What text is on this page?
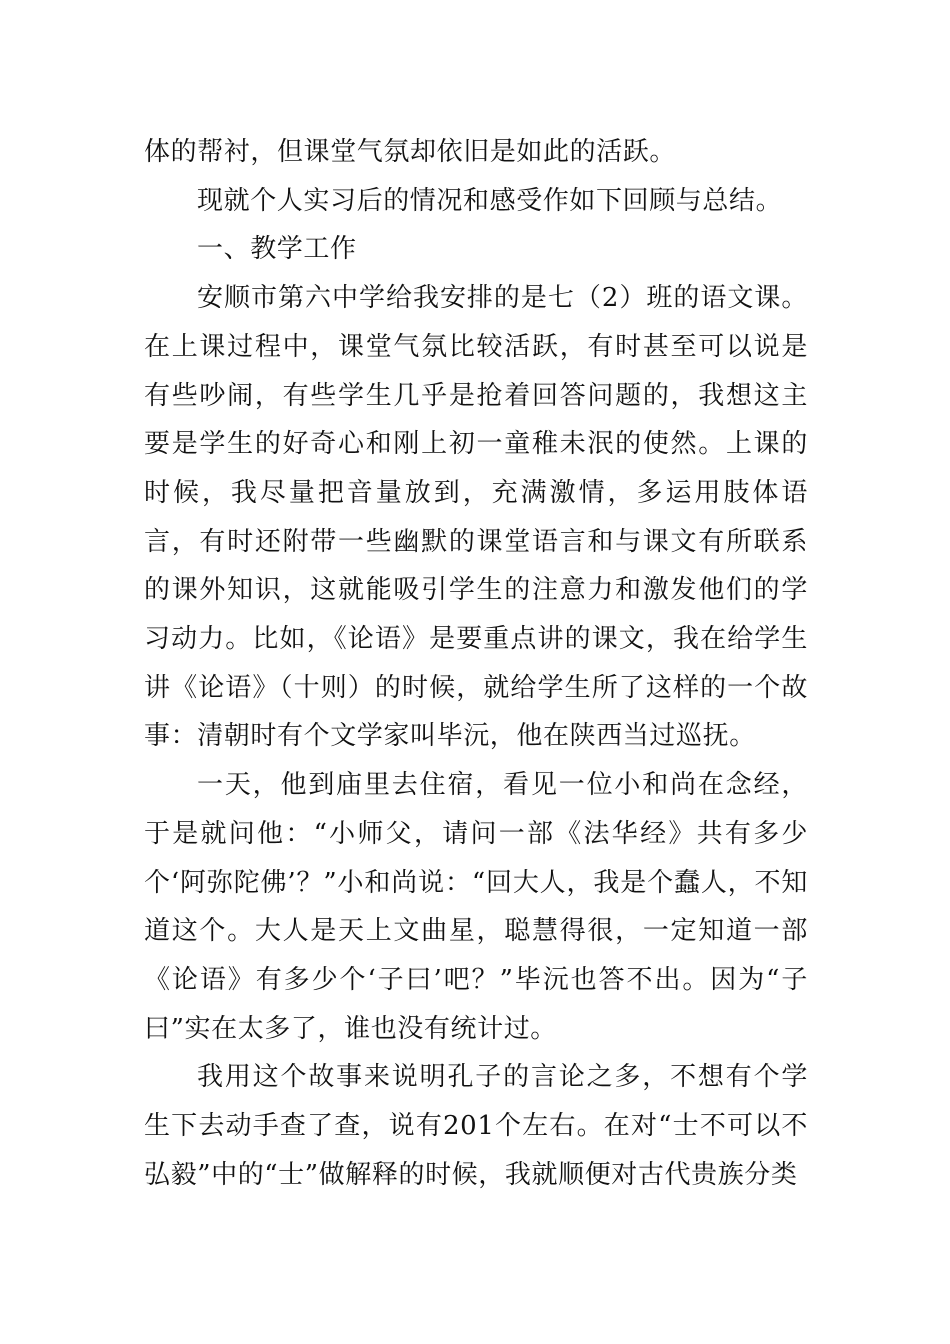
体的帮衬，但课堂气氛却依旧是如此的活跃。

现就个人实习后的情况和感受作如下回顾与总结。

一、教学工作

安顺市第六中学给我安排的是七（2）班的语文课。在上课过程中，课堂气氛比较活跃，有时甚至可以说是有些吵闹，有些学生几乎是抢着回答问题的，我想这主要是学生的好奇心和刚上初一童稚未泯的使然。上课的时候，我尽量把音量放到，充满激情，多运用肢体语言，有时还附带一些幽默的课堂语言和与课文有所联系的课外知识，这就能吸引学生的注意力和激发他们的学习动力。比如，《论语》是要重点讲的课文，我在给学生讲《论语》（十则）的时候，就给学生所了这样的一个故事：清朝时有个文学家叫毕沅，他在陕西当过巡抚。

一天，他到庙里去住宿，看见一位小和尚在念经，于是就问他：“小师父，请问一部《法华经》共有多少个‘阿弥陀佛’？”小和尚说：“回大人，我是个蠢人，不知道这个。大人是天上文曲星，聪慧得很，一定知道一部《论语》有多少个‘子曰’吧？”毕沅也答不出。因为“子曰”实在太多了，谁也没有统计过。

我用这个故事来说明孔子的言论之多，不想有个学生下去动手查了查，说有201个左右。在对“士不可以不弘毅”中的“士”做解释的时候，我就顺便对古代贵族分类
